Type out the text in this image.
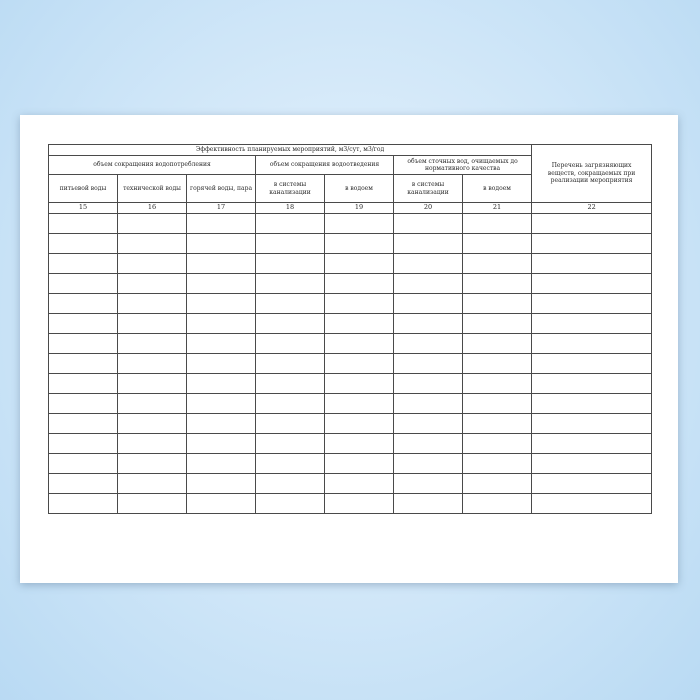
Эффективность планируемых мероприятий, м3/сут, м3/год							Перечень загрязняющих веществ, сокращаемых при реализации мероприятия
объем сокращения водопотребления			объем сокращения водоотведения		объем сточных вод, очищаемых до нормативного качества		
питьевой воды	технической воды	горячей воды, пара	в системы канализации	в водоем	в системы канализации	в водоем	
15	16	17	18	19	20	21	22
